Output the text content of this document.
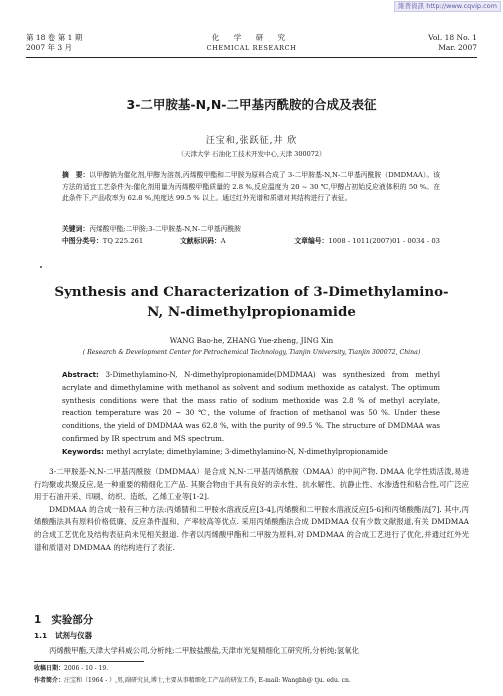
維普資訊 http://www.cqvip.com
第 18 卷 第 1 期
2007 年 3 月
化 学 研 究
CHEMICAL RESEARCH
Vol. 18 No. 1
Mar. 2007
3-二甲胺基-N,N-二甲基丙酰胺的合成及表征
汪宝和,张跃征,井 欣
（天津大学 石油化工技术开发中心,天津 300072）
摘　要：以甲醇钠为催化剂,甲醇为溶剂,丙烯酸甲酯和二甲胺为原料合成了 3-二甲胺基-N,N-二甲基丙酰胺（DMDMAA）。该方法的适宜工艺条件为:催化剂用量为丙烯酸甲酯质量的 2.8 %,反应温度为 20 ~ 30 ℃,甲醇占初始反应液体积的 50 %。在此条件下,产品收率为 62.8 %,纯度达 99.5 % 以上。通过红外光谱和质谱对其结构进行了表征。
关键词：丙烯酸甲酯;二甲胺;3-二甲胺基-N,N-二甲基丙酰胺
中图分类号：TQ 225.261	文献标识码：A	文章编号：1008 - 1011(2007)01 - 0034 - 03
Synthesis and Characterization of 3-Dimethylamino-
N, N-dimethylpropionamide
WANG Bao-he, ZHANG Yue-zheng, JING Xin
( Research & Development Center for Petrochemical Technology, Tianjin University, Tianjin 300072, China)
Abstract: 3-Dimethylamino-N, N-dimethylpropionamide(DMDMAA) was synthesized from methyl acrylate and dimethylamine with methanol as solvent and sodium methoxide as catalyst. The optimum synthesis conditions were that the mass ratio of sodium methoxide was 2.8 % of methyl acrylate, reaction temperature was 20 ~ 30 ℃, the volume of fraction of methanol was 50 %. Under these conditions, the yield of DMDMAA was 62.8 %, with the purity of 99.5 %. The structure of DMDMAA was confirmed by IR spectrum and MS spectrum.
Keywords: methyl acrylate; dimethylamine; 3-dimethylamino-N, N-dimethylpropionamide

3-二甲胺基-N,N-二甲基丙酰胺（DMDMAA）是合成 N,N-二甲基丙烯酰胺（DMAA）的中间产物. DMAA 化学性质活泼,易进行均聚或共聚反应,是一种重要的精细化工产品. 其聚合物由于具有良好的亲水性、抗水解性、抗静止性、水渗透性和粘合性,可广泛应用于石油开采、印刷、纺织、造纸、乙烯工业等[1-2].

DMDMAA 的合成一般有三种方法:丙烯腈和二甲胺水溶液反应[3-4],丙烯酸和二甲胺水溶液反应[5-6]和丙烯酸酯法[7]. 其中,丙烯酸酯法具有原料价格低廉、反应条件温和、产率较高等优点. 采用丙烯酸酯法合成 DMDMAA 仅有少数文献报道,有关 DMDMAA 的合成工艺优化及结构表征尚未见相关报道. 作者以丙烯酸甲酯和二甲胺为原料,对 DMDMAA 的合成工艺进行了优化,并通过红外光谱和质谱对 DMDMAA 的结构进行了表征.

1 实验部分
1.1 试剂与仪器
丙烯酸甲酯,天津大学科威公司,分析纯;二甲胺盐酸盐,天津市光复精细化工研究所,分析纯;氢氧化
收稿日期：2006 - 10 - 19.
作者简介：汪宝和（1964 - ）,男,副研究员,博士,主要从事精细化工产品的研发工作, E-mail: Wangbh@ tju. edu. cn.
